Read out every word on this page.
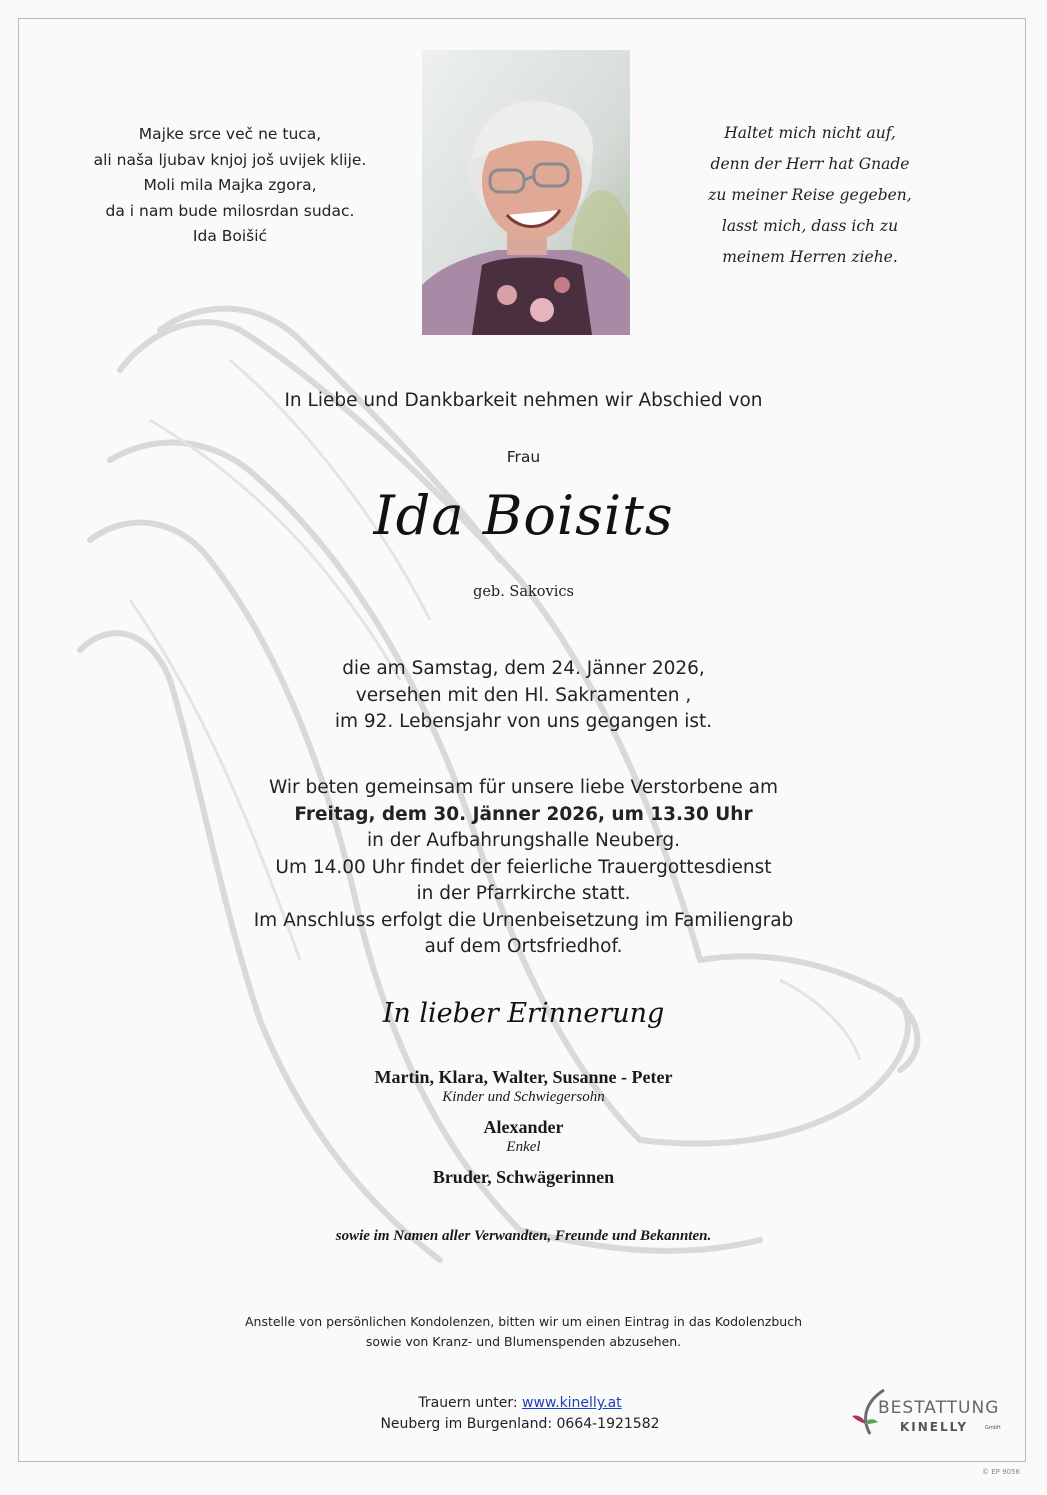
Majke srce več ne tuca,
ali naša ljubav knjoj još uvijek klije.
Moli mila Majka zgora,
da i nam bude milosrdan sudac.
Ida Boišić
Haltet mich nicht auf,
denn der Herr hat Gnade
zu meiner Reise gegeben,
lasst mich, dass ich zu
meinem Herren ziehe.
In Liebe und Dankbarkeit nehmen wir Abschied von
Frau
Ida Boisits
geb. Sakovics
die am Samstag, dem 24. Jänner 2026,
versehen mit den Hl. Sakramenten ,
im 92. Lebensjahr von uns gegangen ist.
Wir beten gemeinsam für unsere liebe Verstorbene am
Freitag, dem 30. Jänner 2026, um 13.30 Uhr
in der Aufbahrungshalle Neuberg.
Um 14.00 Uhr findet der feierliche Trauergottesdienst
in der Pfarrkirche statt.
Im Anschluss erfolgt die Urnenbeisetzung im Familiengrab
auf dem Ortsfriedhof.
In lieber Erinnerung
Martin, Klara, Walter, Susanne - Peter
Kinder und Schwiegersohn
Alexander
Enkel
Bruder, Schwägerinnen
sowie im Namen aller Verwandten, Freunde und Bekannten.
Anstelle von persönlichen Kondolenzen, bitten wir um einen Eintrag in das Kodolenzbuch
sowie von Kranz- und Blumenspenden abzusehen.
Trauern unter: www.kinelly.at
Neuberg im Burgenland: 0664-1921582
BESTATTUNG
KINELLY	GmbH
© EP 9056
